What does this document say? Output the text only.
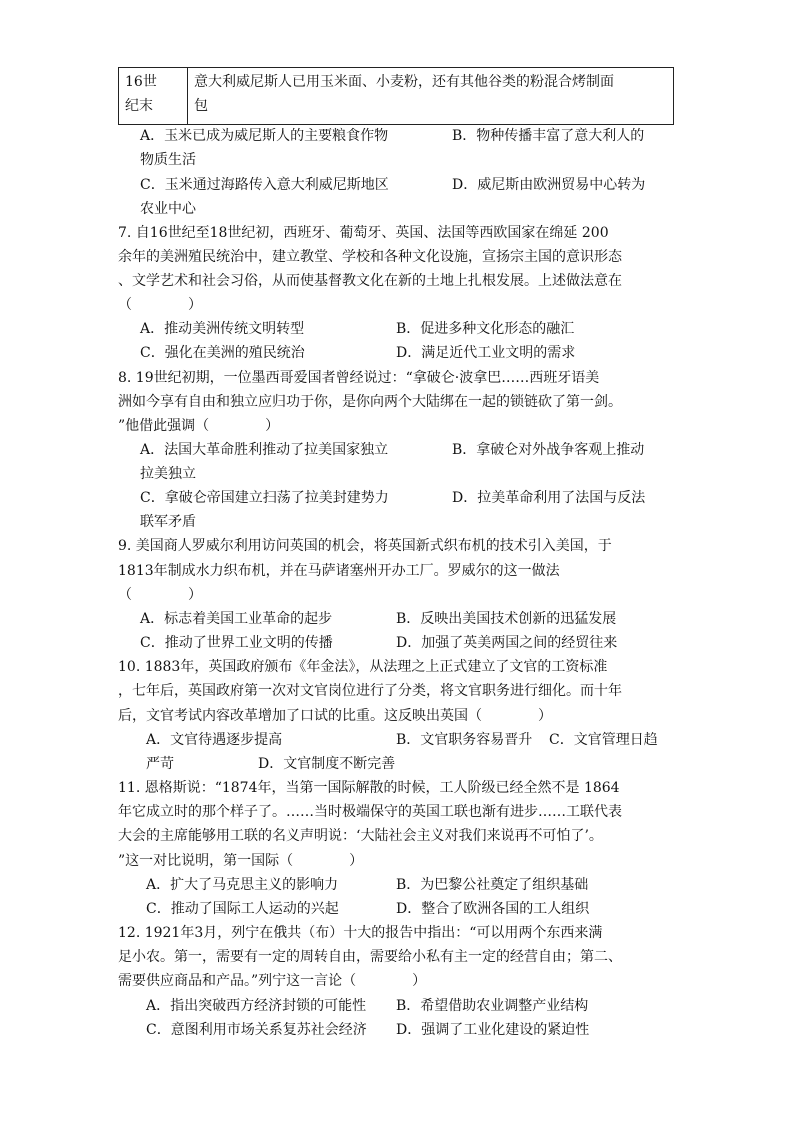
16世
纪末

意大利威尼斯人已用玉米面、小麦粉，还有其他谷类的粉混合烤制面
包
A．玉米已成为威尼斯人的主要粮食作物	B．物种传播丰富了意大利人的
物质生活
C．玉米通过海路传入意大利威尼斯地区	D．威尼斯由欧洲贸易中心转为
农业中心
7. 自16世纪至18世纪初，西班牙、葡萄牙、英国、法国等西欧国家在绵延 200
余年的美洲殖民统治中，建立教堂、学校和各种文化设施，宣扬宗主国的意识形态
、文学艺术和社会习俗，从而使基督教文化在新的土地上扎根发展。上述做法意在
（　　　　）
A．推动美洲传统文明转型	B．促进多种文化形态的融汇
C．强化在美洲的殖民统治	D．满足近代工业文明的需求
8. 19世纪初期，一位墨西哥爱国者曾经说过：“拿破仑·波拿巴……西班牙语美
洲如今享有自由和独立应归功于你，是你向两个大陆绑在一起的锁链砍了第一剑。
”他借此强调（　　　　）
A．法国大革命胜利推动了拉美国家独立	B．拿破仑对外战争客观上推动
拉美独立
C．拿破仑帝国建立扫荡了拉美封建势力	D．拉美革命利用了法国与反法
联军矛盾
9. 美国商人罗威尔利用访问英国的机会，将英国新式织布机的技术引入美国，于
1813年制成水力织布机，并在马萨诸塞州开办工厂。罗威尔的这一做法
（　　　　）
A．标志着美国工业革命的起步	B．反映出美国技术创新的迅猛发展
C．推动了世界工业文明的传播	D．加强了英美两国之间的经贸往来
10. 1883年，英国政府颁布《年金法》，从法理之上正式建立了文官的工资标准
，七年后，英国政府第一次对文官岗位进行了分类，将文官职务进行细化。而十年
后，文官考试内容改革增加了口试的比重。这反映出英国（　　　　）
A．文官待遇逐步提高	B．文官职务容易晋升 C．文官管理日趋
严苛	D．文官制度不断完善
11. 恩格斯说：“1874年，当第一国际解散的时候，工人阶级已经全然不是 1864
年它成立时的那个样子了。……当时极端保守的英国工联也渐有进步……工联代表
大会的主席能够用工联的名义声明说：‘大陆社会主义对我们来说再不可怕了’。
”这一对比说明，第一国际（　　　　）
A．扩大了马克思主义的影响力	B．为巴黎公社奠定了组织基础
C．推动了国际工人运动的兴起	D．整合了欧洲各国的工人组织
12. 1921年3月，列宁在俄共（布）十大的报告中指出：“可以用两个东西来满
足小农。第一，需要有一定的周转自由，需要给小私有主一定的经营自由；第二、
需要供应商品和产品。”列宁这一言论（　　　　）
A．指出突破西方经济封锁的可能性 B．希望借助农业调整产业结构
C．意图利用市场关系复苏社会经济 D．强调了工业化建设的紧迫性
